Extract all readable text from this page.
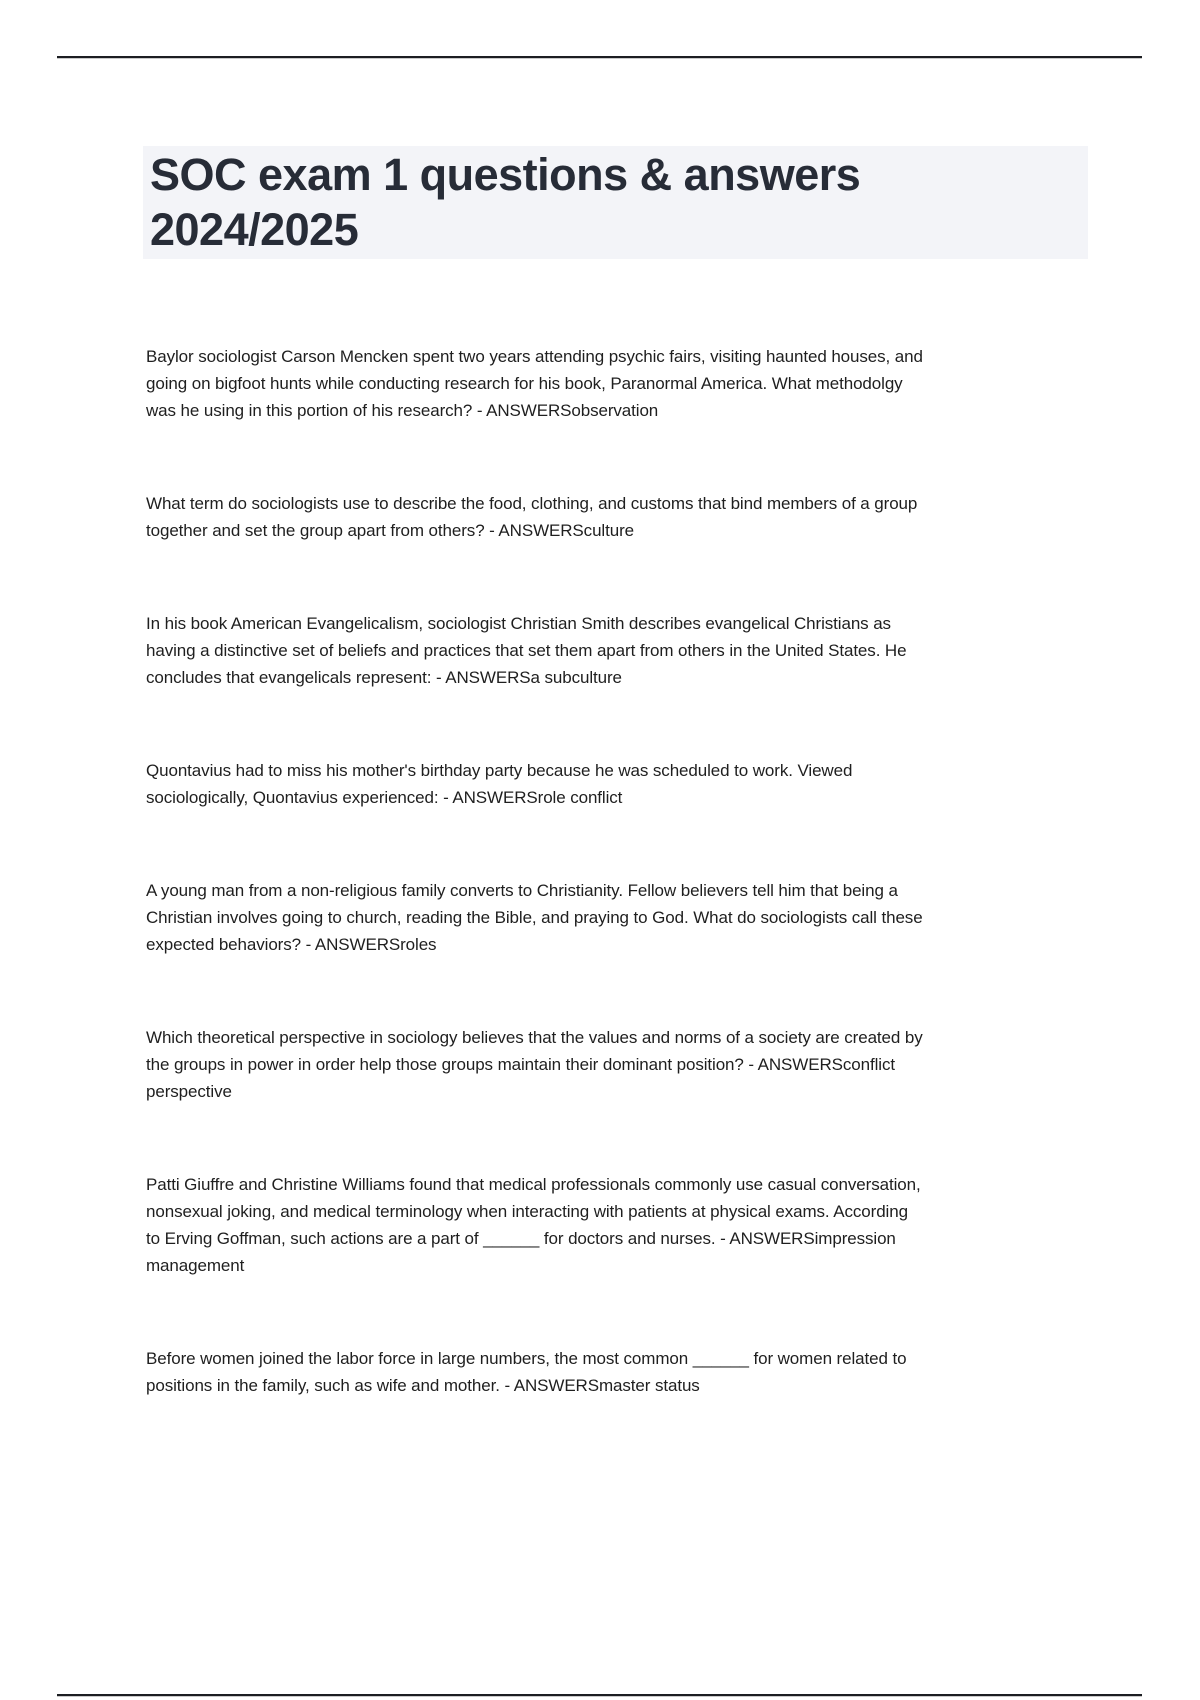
SOC exam 1 questions & answers
2024/2025
Baylor sociologist Carson Mencken spent two years attending psychic fairs, visiting haunted houses, and
going on bigfoot hunts while conducting research for his book, Paranormal America. What methodolgy
was he using in this portion of his research? - ANSWERSobservation
What term do sociologists use to describe the food, clothing, and customs that bind members of a group
together and set the group apart from others? - ANSWERSculture
In his book American Evangelicalism, sociologist Christian Smith describes evangelical Christians as
having a distinctive set of beliefs and practices that set them apart from others in the United States. He
concludes that evangelicals represent: - ANSWERSa subculture
Quontavius had to miss his mother's birthday party because he was scheduled to work. Viewed
sociologically, Quontavius experienced: - ANSWERSrole conflict
A young man from a non-religious family converts to Christianity. Fellow believers tell him that being a
Christian involves going to church, reading the Bible, and praying to God. What do sociologists call these
expected behaviors? - ANSWERSroles
Which theoretical perspective in sociology believes that the values and norms of a society are created by
the groups in power in order help those groups maintain their dominant position? - ANSWERSconflict
perspective
Patti Giuffre and Christine Williams found that medical professionals commonly use casual conversation,
nonsexual joking, and medical terminology when interacting with patients at physical exams. According
to Erving Goffman, such actions are a part of ______ for doctors and nurses. - ANSWERSimpression
management
Before women joined the labor force in large numbers, the most common ______ for women related to
positions in the family, such as wife and mother. - ANSWERSmaster status
